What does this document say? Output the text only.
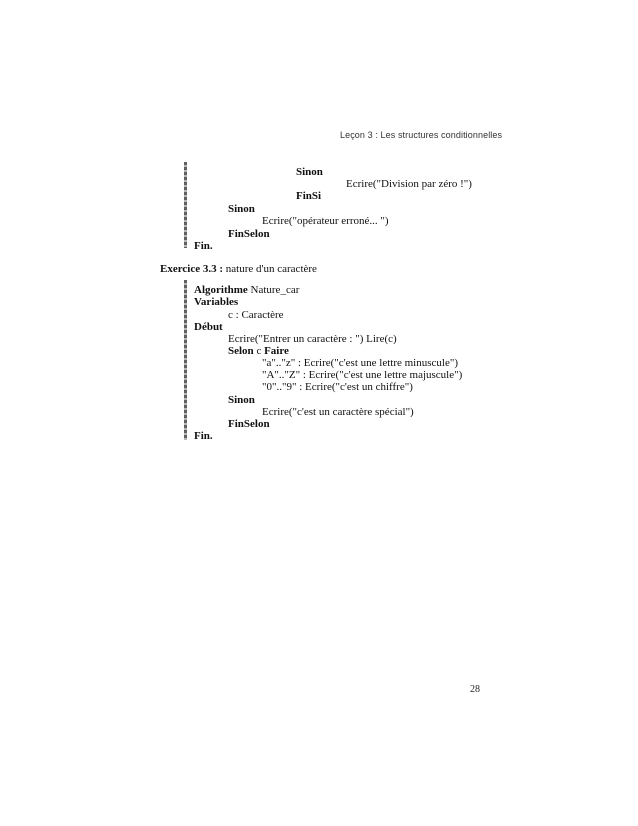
Leçon 3 : Les structures conditionnelles
Sinon
Ecrire("Division par zéro !")
FinSi
Sinon
Ecrire("opérateur erroné... ")
FinSelon
Fin.
Exercice 3.3 : nature d'un caractère
Algorithme Nature_car
Variables
c : Caractère
Début
Ecrire("Entrer un caractère : ") Lire(c)
Selon c Faire
"a".."z" : Ecrire("c'est une lettre minuscule")
"A".."Z" : Ecrire("c'est une lettre majuscule")
"0".."9" : Ecrire("c'est un chiffre")
Sinon
Ecrire("c'est un caractère spécial")
FinSelon
Fin.
28
